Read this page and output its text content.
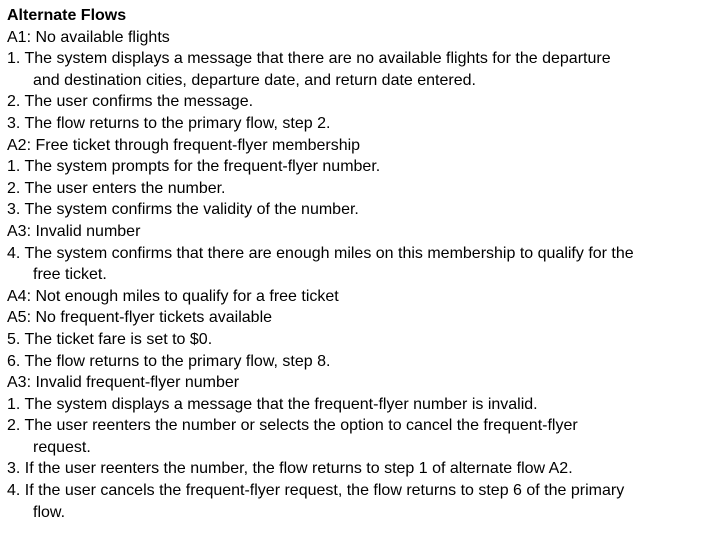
Alternate Flows
A1: No available flights
1. The system displays a message that there are no available flights for the departure
and destination cities, departure date, and return date entered.
2. The user confirms the message.
3. The flow returns to the primary flow, step 2.
A2: Free ticket through frequent-flyer membership
1. The system prompts for the frequent-flyer number.
2. The user enters the number.
3. The system confirms the validity of the number.
A3: Invalid number
4. The system confirms that there are enough miles on this membership to qualify for the
free ticket.
A4: Not enough miles to qualify for a free ticket
A5: No frequent-flyer tickets available
5. The ticket fare is set to $0.
6. The flow returns to the primary flow, step 8.
A3: Invalid frequent-flyer number
1. The system displays a message that the frequent-flyer number is invalid.
2. The user reenters the number or selects the option to cancel the frequent-flyer
request.
3. If the user reenters the number, the flow returns to step 1 of alternate flow A2.
4. If the user cancels the frequent-flyer request, the flow returns to step 6 of the primary
flow.
